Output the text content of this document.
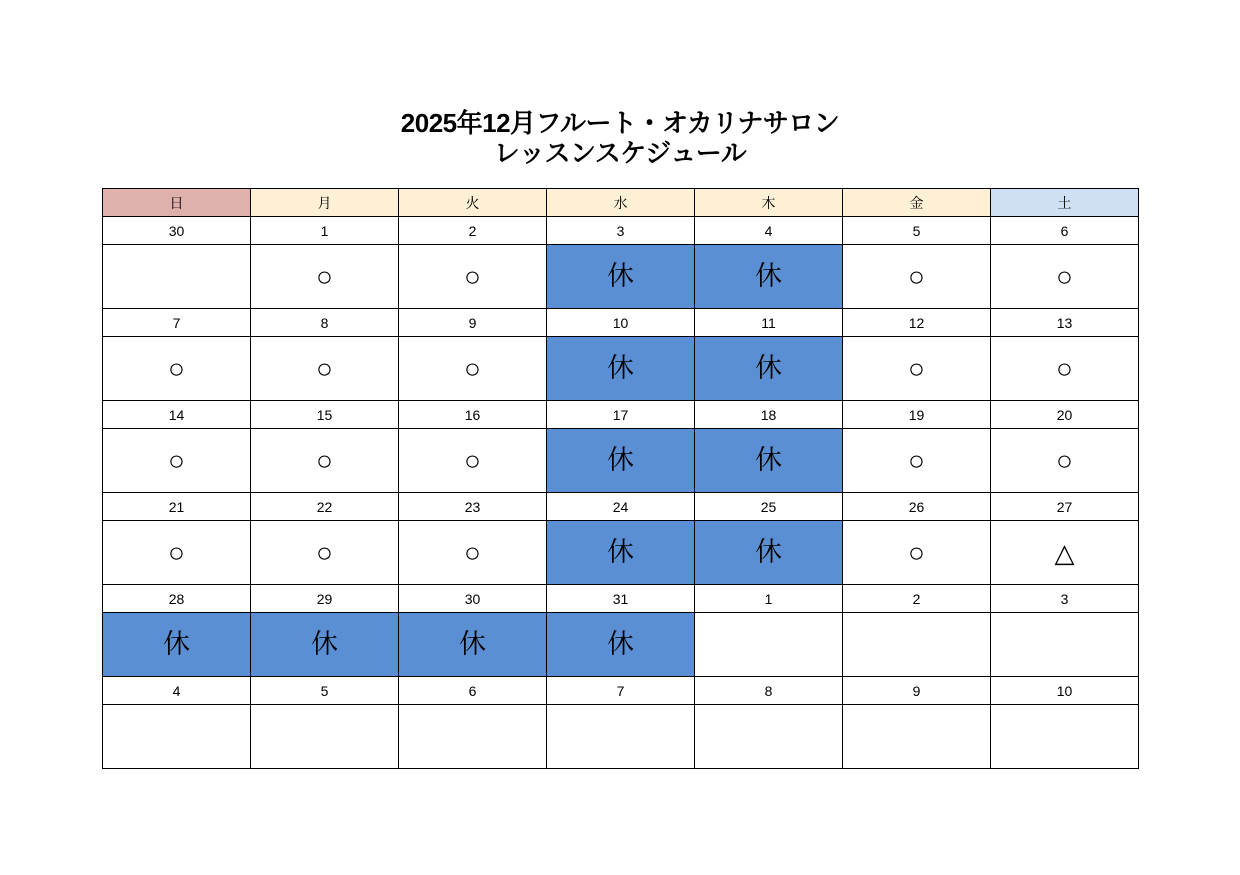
2025年12月フルート・オカリナサロン
レッスンスケジュール
日	月	火	水	木	金	土
30	1	2	3	4	5	6

	○	○	休	休	○	○

7	8	9	10	11	12	13

○	○	○	休	休	○	○

14	15	16	17	18	19	20

○	○	○	休	休	○	○

21	22	23	24	25	26	27

○	○	○	休	休	○	△

28	29	30	31	1	2	3

休	休	休	休			

4	5	6	7	8	9	10
